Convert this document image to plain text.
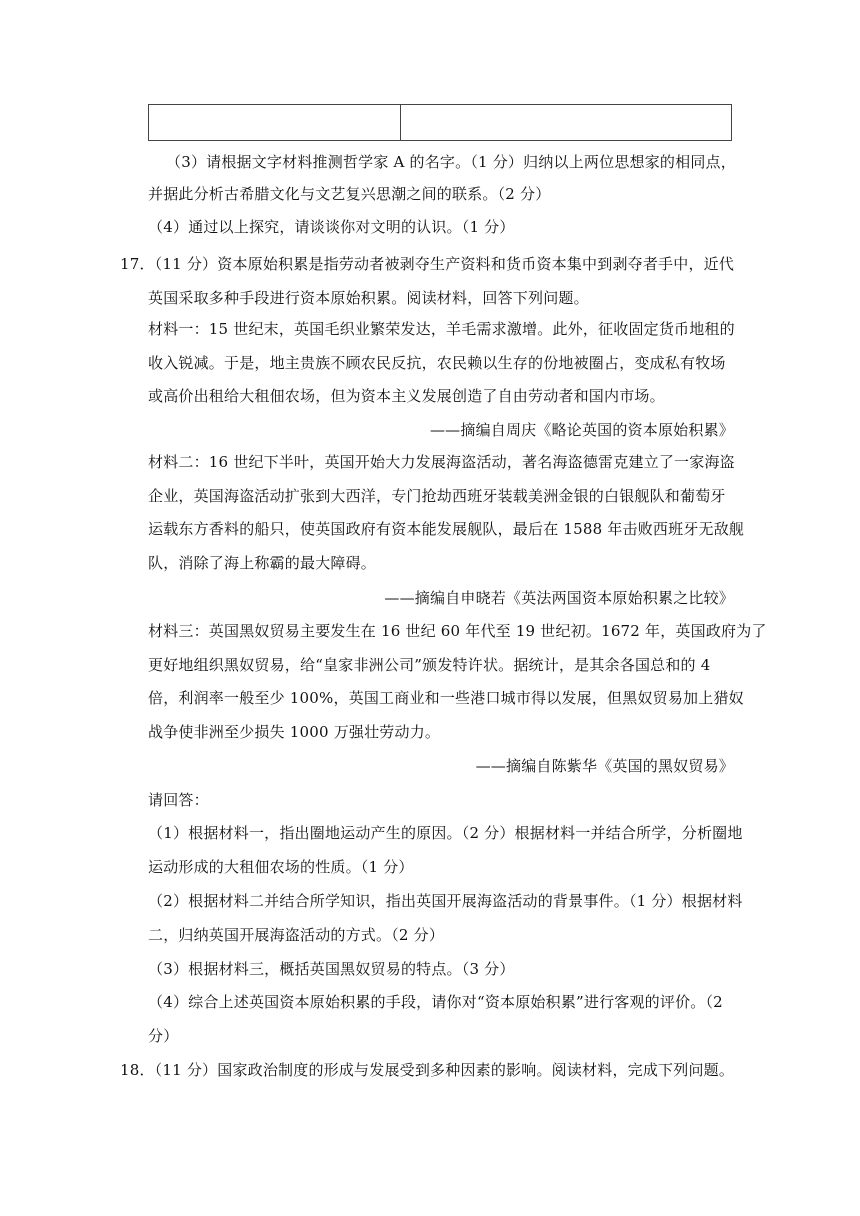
（3）请根据文字材料推测哲学家 A 的名字。（1 分）归纳以上两位思想家的相同点，
并据此分析古希腊文化与文艺复兴思潮之间的联系。（2 分）
（4）通过以上探究，请谈谈你对文明的认识。（1 分）
17．（11 分）资本原始积累是指劳动者被剥夺生产资料和货币资本集中到剥夺者手中，近代
英国采取多种手段进行资本原始积累。阅读材料，回答下列问题。
材料一：15 世纪末，英国毛织业繁荣发达，羊毛需求激增。此外，征收固定货币地租的
收入锐减。于是，地主贵族不顾农民反抗，农民赖以生存的份地被圈占，变成私有牧场
或高价出租给大租佃农场，但为资本主义发展创造了自由劳动者和国内市场。
——摘编自周庆《略论英国的资本原始积累》
材料二：16 世纪下半叶，英国开始大力发展海盗活动，著名海盗德雷克建立了一家海盗
企业，英国海盗活动扩张到大西洋，专门抢劫西班牙装载美洲金银的白银舰队和葡萄牙
运载东方香料的船只，使英国政府有资本能发展舰队，最后在 1588 年击败西班牙无敌舰
队，消除了海上称霸的最大障碍。
——摘编自申晓若《英法两国资本原始积累之比较》
材料三：英国黑奴贸易主要发生在 16 世纪 60 年代至 19 世纪初。1672 年，英国政府为了
更好地组织黑奴贸易，给“皇家非洲公司”颁发特许状。据统计，是其余各国总和的 4
倍，利润率一般至少 100%，英国工商业和一些港口城市得以发展，但黑奴贸易加上猎奴
战争使非洲至少损失 1000 万强壮劳动力。
——摘编自陈紫华《英国的黑奴贸易》
请回答：
（1）根据材料一，指出圈地运动产生的原因。（2 分）根据材料一并结合所学，分析圈地
运动形成的大租佃农场的性质。（1 分）
（2）根据材料二并结合所学知识，指出英国开展海盗活动的背景事件。（1 分）根据材料
二，归纳英国开展海盗活动的方式。（2 分）
（3）根据材料三，概括英国黑奴贸易的特点。（3 分）
（4）综合上述英国资本原始积累的手段，请你对“资本原始积累”进行客观的评价。（2
分）
18．（11 分）国家政治制度的形成与发展受到多种因素的影响。阅读材料，完成下列问题。
